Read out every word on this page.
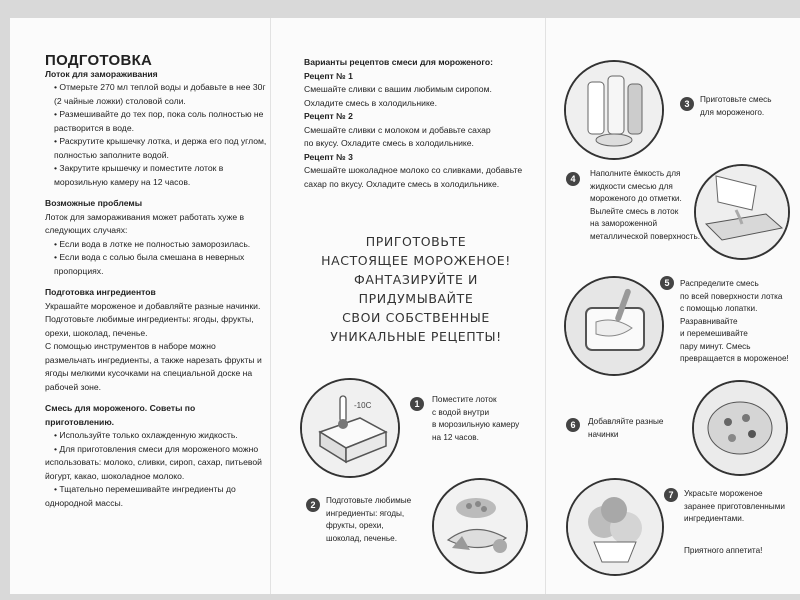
ПОДГОТОВКА

Лоток для замораживания

• Отмерьте 270 мл теплой воды и добавьте в нее 30г

(2 чайные ложки) столовой соли.

• Размешивайте до тех пор, пока соль полностью не

растворится в воде.

• Раскрутите крышечку лотка, и держа его под углом,

полностью заполните водой.

• Закрутите крышечку и поместите лоток в

морозильную камеру на 12 часов.

Возможные проблемы

Лоток для замораживания может работать хуже в

следующих случаях:

• Если вода в лотке не полностью заморозилась.

• Если вода с солью была смешана в неверных

пропорциях.

Подготовка ингредиентов

Украшайте мороженое и добавляйте разные начинки.

Подготовьте любимые ингредиенты: ягоды, фрукты,

орехи, шоколад, печенье.

С помощью инструментов в наборе можно

размельчать ингредиенты, а также нарезать фрукты и

ягоды мелкими кусочками на специальной доске на

рабочей зоне.

Смесь для мороженого. Советы по

приготовлению.

• Используйте только охлажденную жидкость.

• Для приготовления смеси для мороженого можно

использовать: молоко, сливки, сироп, сахар, питьевой

йогурт, какао, шоколадное молоко.

• Тщательно перемешивайте ингредиенты до

однородной массы.

Варианты рецептов смеси для мороженого:

Рецепт № 1

Смешайте сливки с вашим любимым сиропом.

Охладите смесь в холодильнике.

Рецепт № 2

Смешайте сливки с молоком и добавьте сахар

по вкусу. Охладите смесь в холодильнике.

Рецепт № 3

Смешайте шоколадное молоко со сливками, добавьте

сахар по вкусу. Охладите смесь в холодильнике.

ПРИГОТОВЬТЕ
НАСТОЯЩЕЕ МОРОЖЕНОЕ!
ФАНТАЗИРУЙТЕ И ПРИДУМЫВАЙТЕ
СВОИ СОБСТВЕННЫЕ
УНИКАЛЬНЫЕ РЕЦЕПТЫ!
-10C	1	Поместите лоток

с водой внутри

в морозильную камеру

на 12 часов.

2	Подготовьте любимые

ингредиенты: ягоды,

фрукты, орехи,

шоколад, печенье.

3	Приготовьте смесь

для мороженого.

4

Наполните ёмкость для

жидкости смесью для

мороженого до отметки.

Вылейте смесь в лоток

на замороженной

металлической поверхность.

5	Распределите смесь

по всей поверхности лотка

с помощью лопатки.

Разравнивайте

и перемешивайте

пару минут. Смесь

превращается в мороженое!

6	Добавляйте разные

начинки

7	Украсьте мороженое

заранее приготовленными

ингредиентами.

Приятного аппетита!
